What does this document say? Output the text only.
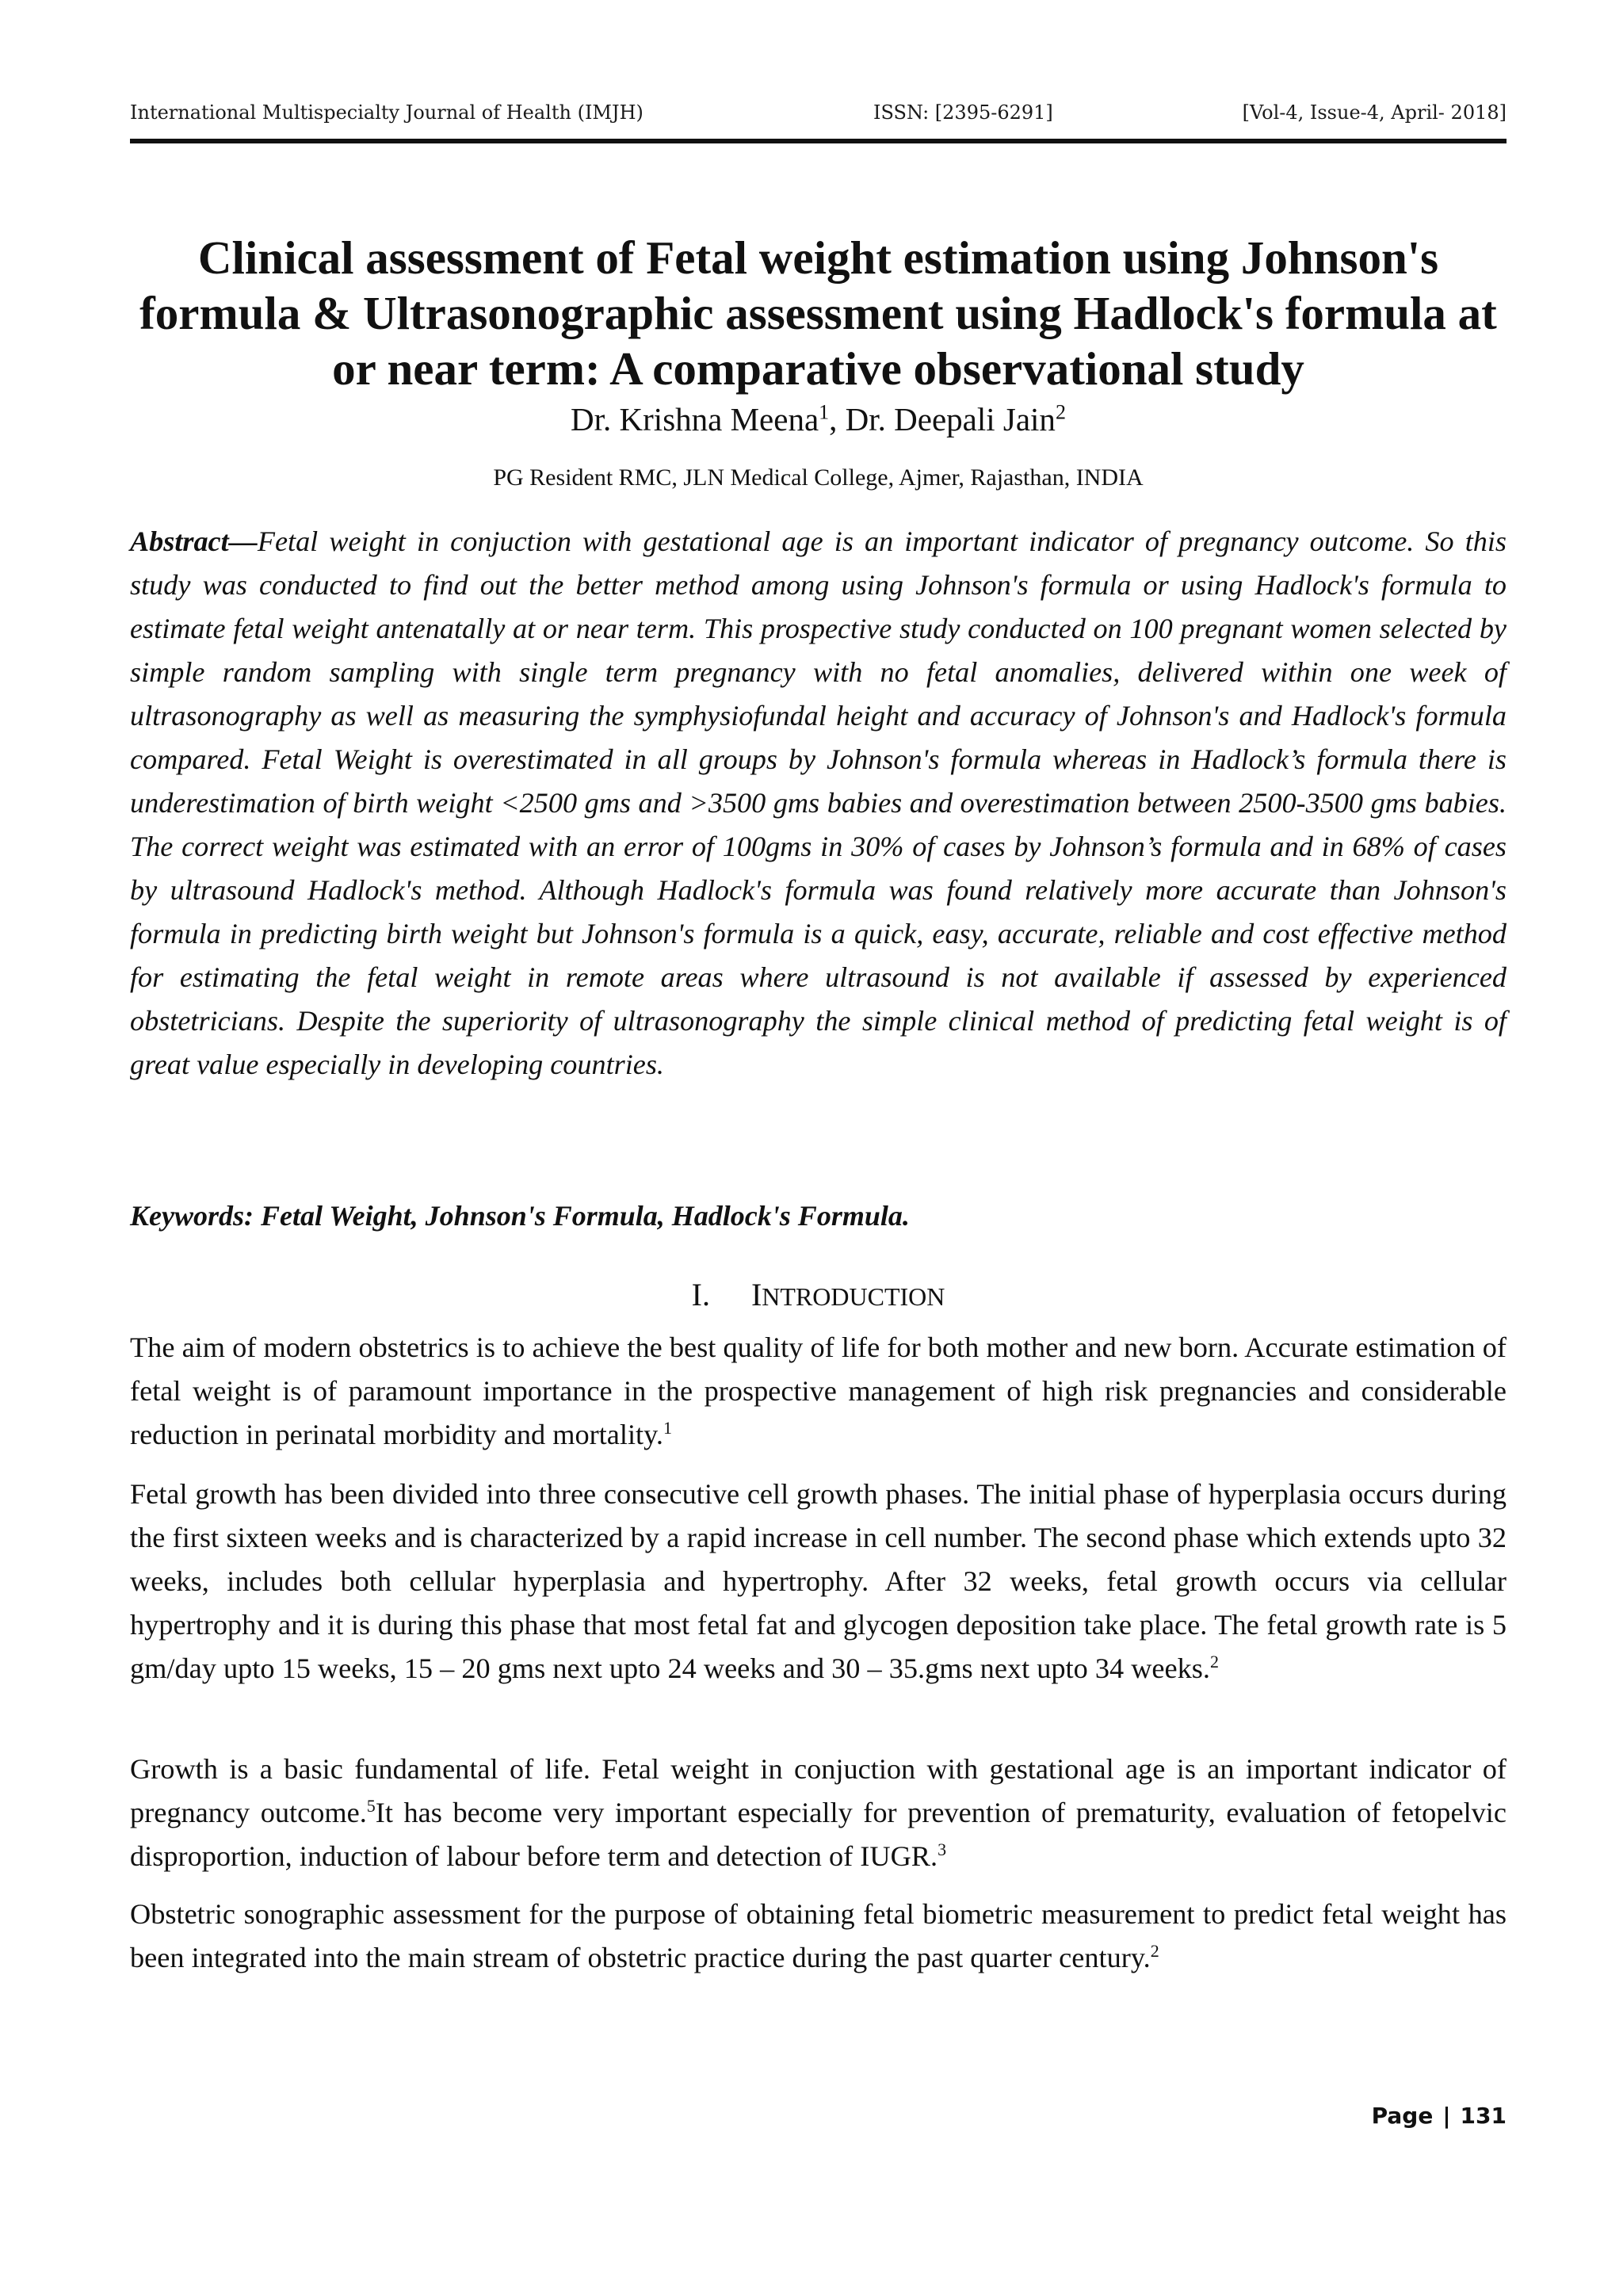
International Multispecialty Journal of Health (IMJH)	ISSN: [2395-6291]	[Vol-4, Issue-4, April- 2018]
Clinical assessment of Fetal weight estimation using Johnson's formula & Ultrasonographic assessment using Hadlock's formula at or near term: A comparative observational study
Dr. Krishna Meena$^1$, Dr. Deepali Jain$^2$
PG Resident RMC, JLN Medical College, Ajmer, Rajasthan, INDIA

Abstract—Fetal weight in conjuction with gestational age is an important indicator of pregnancy outcome. So this study was conducted to find out the better method among using Johnson's formula or using Hadlock's formula to estimate fetal weight antenatally at or near term. This prospective study conducted on 100 pregnant women selected by simple random sampling with single term pregnancy with no fetal anomalies, delivered within one week of ultrasonography as well as measuring the symphysiofundal height and accuracy of Johnson's and Hadlock's formula compared. Fetal Weight is overestimated in all groups by Johnson's formula whereas in Hadlock’s formula there is underestimation of birth weight <2500 gms and >3500 gms babies and overestimation between 2500-3500 gms babies. The correct weight was estimated with an error of 100gms in 30% of cases by Johnson’s formula and in 68% of cases by ultrasound Hadlock's method. Although Hadlock's formula was found relatively more accurate than Johnson's formula in predicting birth weight but Johnson's formula is a quick, easy, accurate, reliable and cost effective method for estimating the fetal weight in remote areas where ultrasound is not available if assessed by experienced obstetricians. Despite the superiority of ultrasonography the simple clinical method of predicting fetal weight is of great value especially in developing countries.

Keywords: Fetal Weight, Johnson's Formula, Hadlock's Formula.
I. INTRODUCTION

The aim of modern obstetrics is to achieve the best quality of life for both mother and new born. Accurate estimation of fetal weight is of paramount importance in the prospective management of high risk pregnancies and considerable reduction in perinatal morbidity and mortality.$^1$

Fetal growth has been divided into three consecutive cell growth phases. The initial phase of hyperplasia occurs during the first sixteen weeks and is characterized by a rapid increase in cell number. The second phase which extends upto 32 weeks, includes both cellular hyperplasia and hypertrophy. After 32 weeks, fetal growth occurs via cellular hypertrophy and it is during this phase that most fetal fat and glycogen deposition take place. The fetal growth rate is 5 gm/day upto 15 weeks, 15 – 20 gms next upto 24 weeks and 30 – 35.gms next upto 34 weeks.$^2$

Growth is a basic fundamental of life. Fetal weight in conjuction with gestational age is an important indicator of pregnancy outcome.$^5$It has become very important especially for prevention of prematurity, evaluation of fetopelvic disproportion, induction of labour before term and detection of IUGR.$^3$

Obstetric sonographic assessment for the purpose of obtaining fetal biometric measurement to predict fetal weight has been integrated into the main stream of obstetric practice during the past quarter century.$^2$

Page | 131
